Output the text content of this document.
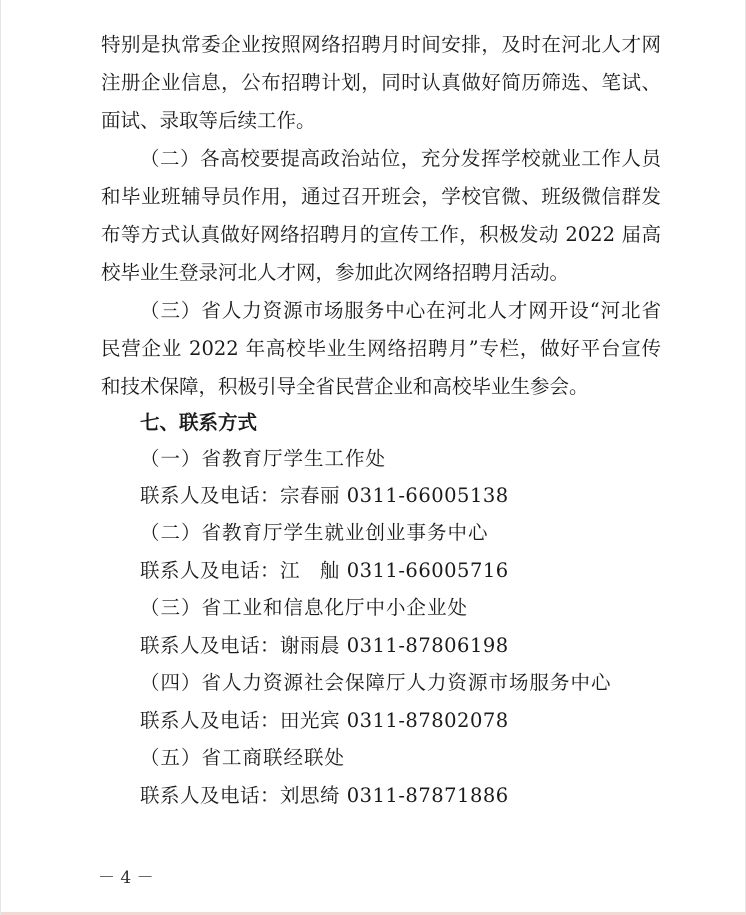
特别是执常委企业按照网络招聘月时间安排，及时在河北人才网
注册企业信息，公布招聘计划，同时认真做好简历筛选、笔试、
面试、录取等后续工作。
（二）各高校要提高政治站位，充分发挥学校就业工作人员
和毕业班辅导员作用，通过召开班会，学校官微、班级微信群发
布等方式认真做好网络招聘月的宣传工作，积极发动 2022 届高
校毕业生登录河北人才网，参加此次网络招聘月活动。
（三）省人力资源市场服务中心在河北人才网开设“河北省
民营企业 2022 年高校毕业生网络招聘月”专栏，做好平台宣传
和技术保障，积极引导全省民营企业和高校毕业生参会。
七、联系方式
（一）省教育厅学生工作处
联系人及电话：宗春丽 0311-66005138
（二）省教育厅学生就业创业事务中心
联系人及电话：江　舢 0311-66005716
（三）省工业和信息化厅中小企业处
联系人及电话：谢雨晨 0311-87806198
（四）省人力资源社会保障厅人力资源市场服务中心
联系人及电话：田光宾 0311-87802078
（五）省工商联经联处
联系人及电话：刘思绮 0311-87871886
－ 4 －
